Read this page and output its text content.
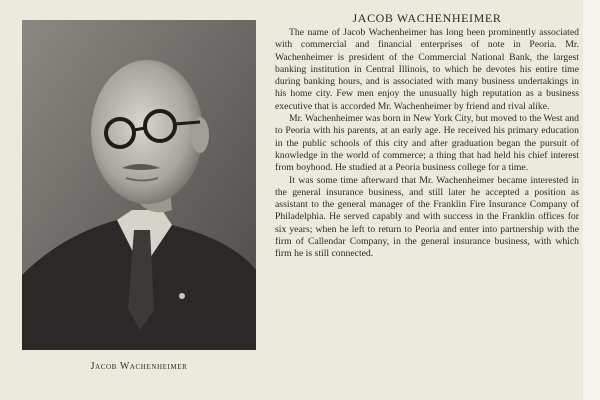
Jacob Wachenheimer
JACOB WACHENHEIMER

The name of Jacob Wachenheimer has long been prominently associated with commercial and financial enterprises of note in Peoria. Mr. Wachenheimer is president of the Commercial National Bank, the largest banking institution in Central Illinois, to which he devotes his entire time during banking hours, and is associated with many business undertakings in his home city. Few men enjoy the unusually high reputation as a business executive that is accorded Mr. Wachenheimer by friend and rival alike.

Mr. Wachenheimer was born in New York City, but moved to the West and to Peoria with his parents, at an early age. He received his primary education in the public schools of this city and after graduation began the pursuit of knowledge in the world of commerce; a thing that had held his chief interest from boyhood. He studied at a Peoria business college for a time.

It was some time afterward that Mr. Wachenheimer became interested in the general insurance business, and still later he accepted a position as assistant to the general manager of the Franklin Fire Insurance Company of Philadelphia. He served capably and with success in the Franklin offices for six years; when he left to return to Peoria and enter into partnership with the firm of Callendar Company, in the general insurance business, with which firm he is still connected.
